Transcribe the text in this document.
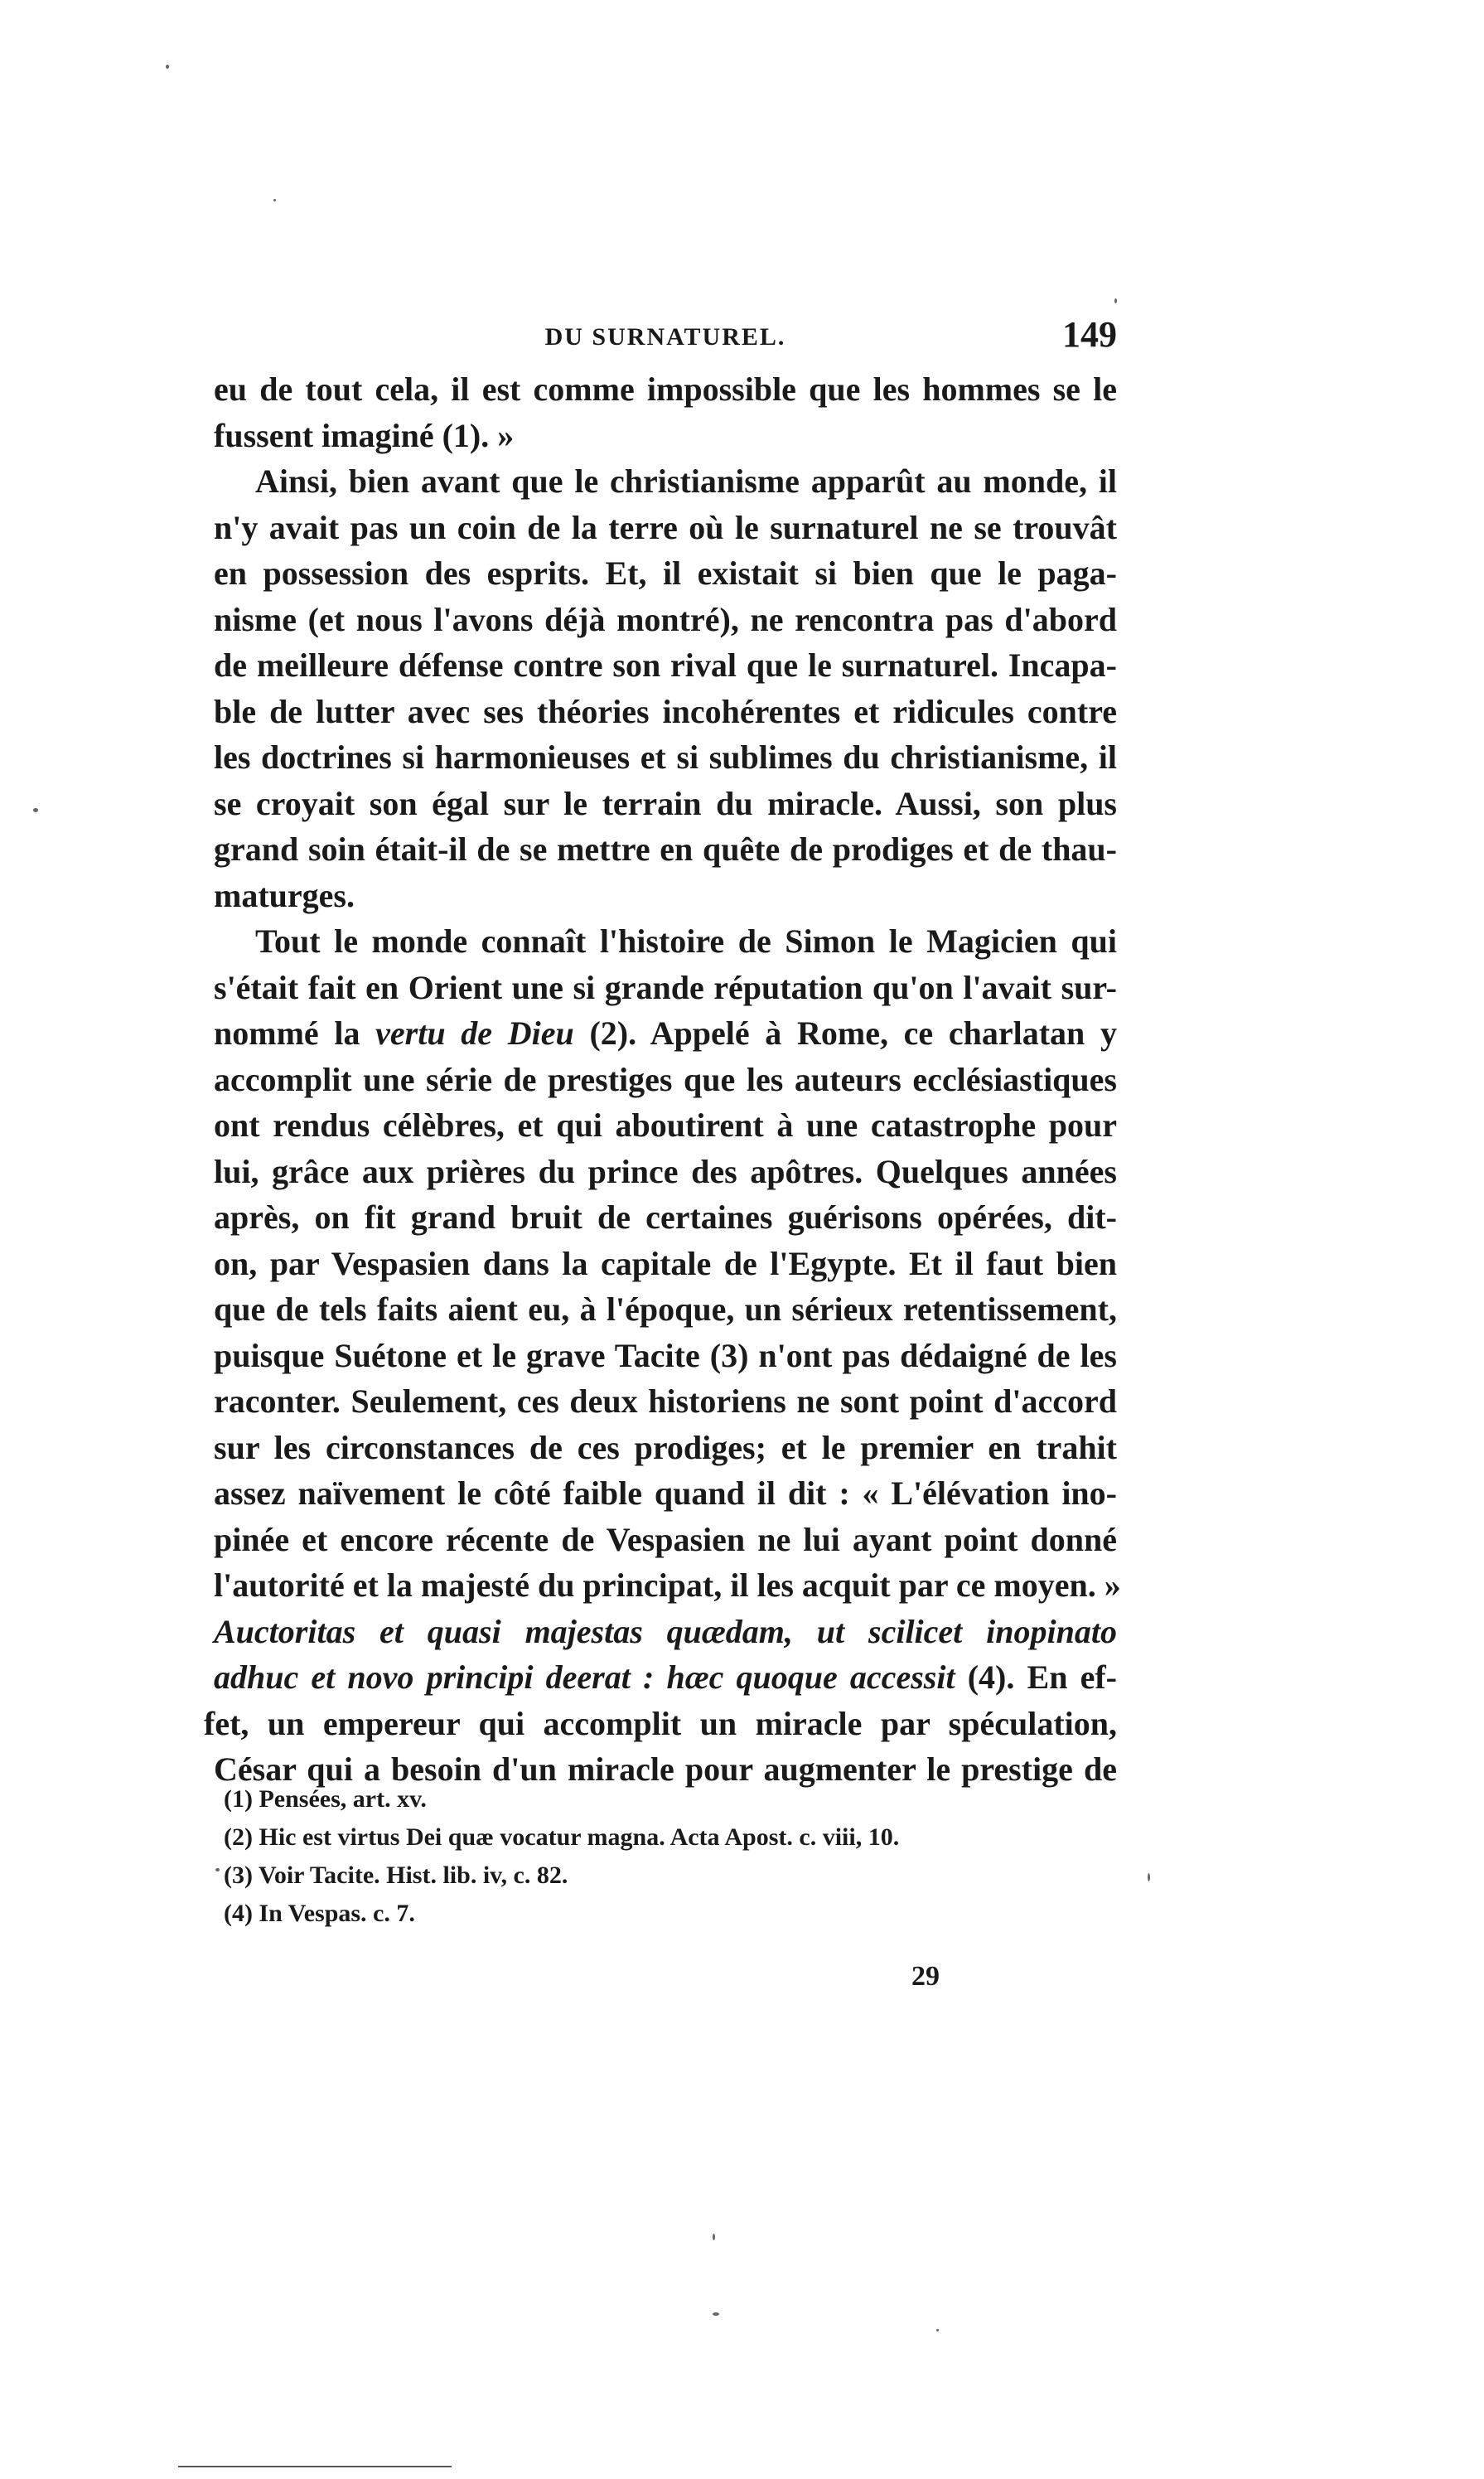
DU SURNATUREL.	149
eu de tout cela, il est comme impossible que les hommes se le
fussent imaginé (1). »
Ainsi, bien avant que le christianisme apparût au monde, il
n'y avait pas un coin de la terre où le surnaturel ne se trouvât
en possession des esprits. Et, il existait si bien que le paga-
nisme (et nous l'avons déjà montré), ne rencontra pas d'abord
de meilleure défense contre son rival que le surnaturel. Incapa-
ble de lutter avec ses théories incohérentes et ridicules contre
les doctrines si harmonieuses et si sublimes du christianisme, il
se croyait son égal sur le terrain du miracle. Aussi, son plus
grand soin était-il de se mettre en quête de prodiges et de thau-
maturges.
Tout le monde connaît l'histoire de Simon le Magicien qui
s'était fait en Orient une si grande réputation qu'on l'avait sur-
nommé la vertu de Dieu (2). Appelé à Rome, ce charlatan y
accomplit une série de prestiges que les auteurs ecclésiastiques
ont rendus célèbres, et qui aboutirent à une catastrophe pour
lui, grâce aux prières du prince des apôtres. Quelques années
après, on fit grand bruit de certaines guérisons opérées, dit-
on, par Vespasien dans la capitale de l'Egypte. Et il faut bien
que de tels faits aient eu, à l'époque, un sérieux retentissement,
puisque Suétone et le grave Tacite (3) n'ont pas dédaigné de les
raconter. Seulement, ces deux historiens ne sont point d'accord
sur les circonstances de ces prodiges; et le premier en trahit
assez naïvement le côté faible quand il dit : « L'élévation ino-
pinée et encore récente de Vespasien ne lui ayant point donné
l'autorité et la majesté du principat, il les acquit par ce moyen. »
Auctoritas et quasi majestas quædam, ut scilicet inopinato
adhuc et novo principi deerat : hæc quoque accessit (4). En ef-
fet, un empereur qui accomplit un miracle par spéculation,
César qui a besoin d'un miracle pour augmenter le prestige de
(1) Pensées, art. xv.
(2) Hic est virtus Dei quæ vocatur magna. Acta Apost. c. viii, 10.
(3) Voir Tacite. Hist. lib. iv, c. 82.
(4) In Vespas. c. 7.
29
